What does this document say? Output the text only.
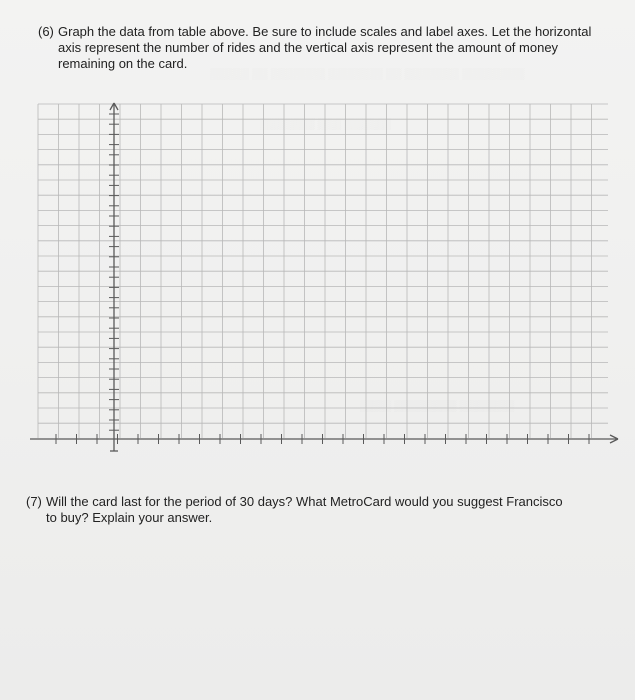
▒▒▒▒▒ ▒▒ ▒▒▒▒▒▒▒ ▒▒▒▒▒▒▒ ▒▒ ▒▒▒▒▒▒▒ ▒▒▒▒▒▒▒▒
▒▒▒▒▒▒▒ ▒▒▒ ▒▒▒▒▒▒
▒▒▒▒ ▒▒▒▒▒▒▒▒ ▒▒▒▒▒▒▒
(6) Graph the data from table above. Be sure to include scales and label axes. Let the horizontal
axis represent the number of rides and the vertical axis represent the amount of money
remaining on the card.
(7) Will the card last for the period of 30 days? What MetroCard would you suggest Francisco
to buy? Explain your answer.
